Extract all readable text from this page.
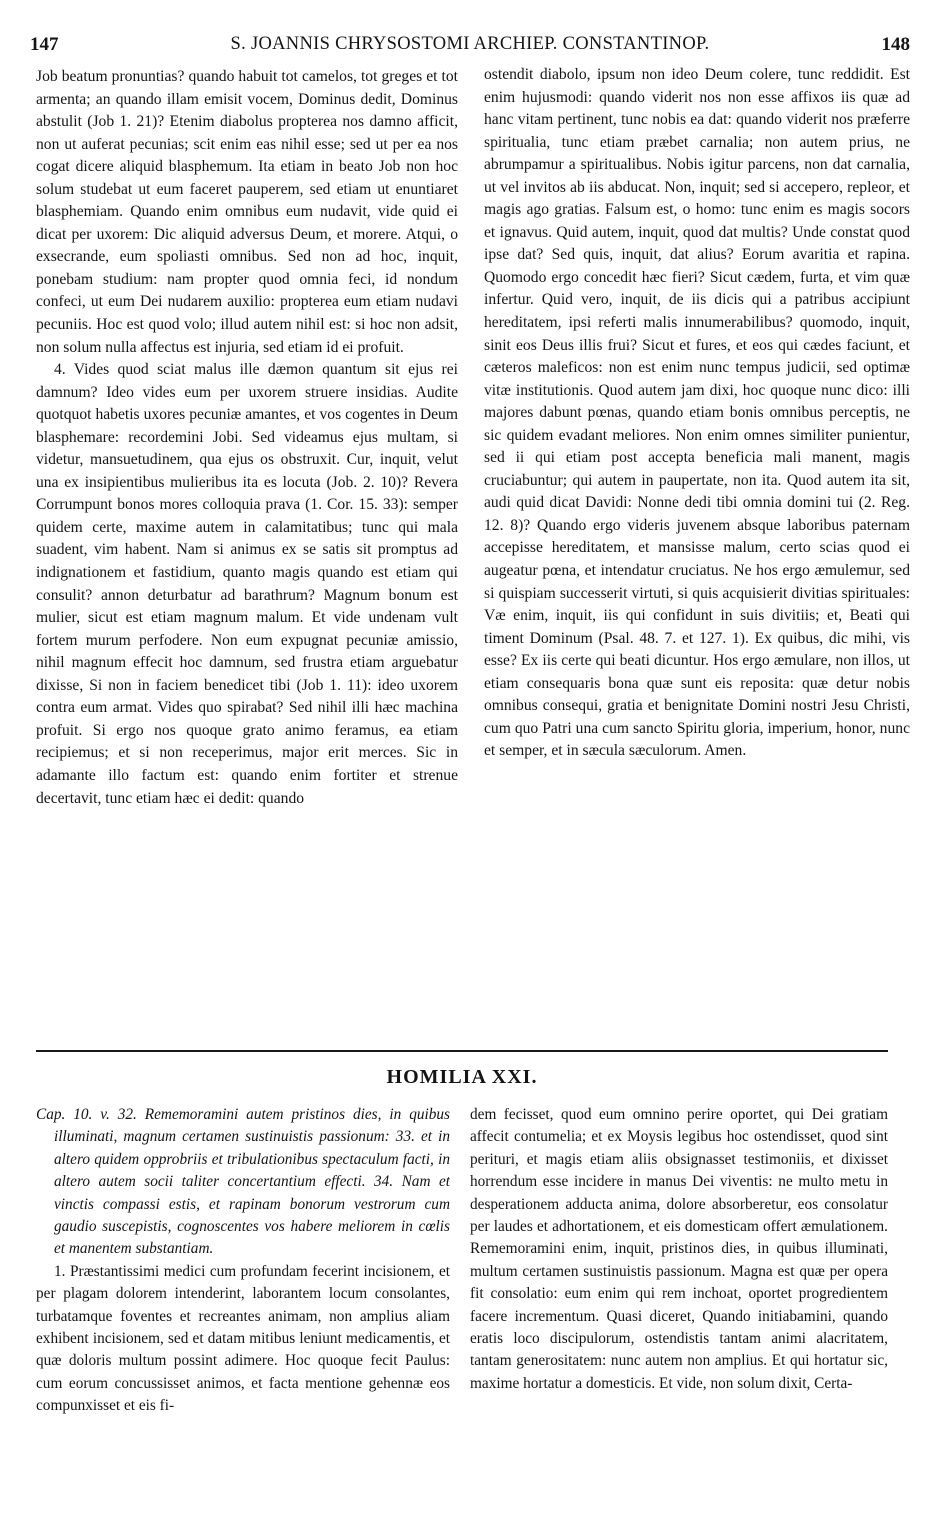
147	S. JOANNIS CHRYSOSTOMI ARCHIEP. CONSTANTINOP.	148

Job beatum pronuntias? quando habuit tot camelos, tot greges et tot armenta; an quando illam emisit vocem, Dominus dedit, Dominus abstulit (Job 1. 21)? Etenim diabolus propterea nos damno afficit, non ut auferat pecunias; scit enim eas nihil esse; sed ut per ea nos cogat dicere aliquid blasphemum. Ita etiam in beato Job non hoc solum studebat ut eum faceret pauperem, sed etiam ut enuntiaret blasphemiam. Quando enim omnibus eum nudavit, vide quid ei dicat per uxorem: Dic aliquid adversus Deum, et morere. Atqui, o exsecrande, eum spoliasti omnibus. Sed non ad hoc, inquit, ponebam studium: nam propter quod omnia feci, id nondum confeci, ut eum Dei nudarem auxilio: propterea eum etiam nudavi pecuniis. Hoc est quod volo; illud autem nihil est: si hoc non adsit, non solum nulla affectus est injuria, sed etiam id ei profuit.

4. Vides quod sciat malus ille dæmon quantum sit ejus rei damnum? Ideo vides eum per uxorem struere insidias. Audite quotquot habetis uxores pecuniæ amantes, et vos cogentes in Deum blasphemare: recordemini Jobi. Sed videamus ejus multam, si videtur, mansuetudinem, qua ejus os obstruxit. Cur, inquit, velut una ex insipientibus mulieribus ita es locuta (Job. 2. 10)? Revera Corrumpunt bonos mores colloquia prava (1. Cor. 15. 33): semper quidem certe, maxime autem in calamitatibus; tunc qui mala suadent, vim habent. Nam si animus ex se satis sit promptus ad indignationem et fastidium, quanto magis quando est etiam qui consulit? annon deturbatur ad barathrum? Magnum bonum est mulier, sicut est etiam magnum malum. Et vide undenam vult fortem murum perfodere. Non eum expugnat pecuniæ amissio, nihil magnum effecit hoc damnum, sed frustra etiam arguebatur dixisse, Si non in faciem benedicet tibi (Job 1. 11): ideo uxorem contra eum armat. Vides quo spirabat? Sed nihil illi hæc machina profuit. Si ergo nos quoque grato animo feramus, ea etiam recipiemus; et si non receperimus, major erit merces. Sic in adamante illo factum est: quando enim fortiter et strenue decertavit, tunc etiam hæc ei dedit: quando

ostendit diabolo, ipsum non ideo Deum colere, tunc reddidit. Est enim hujusmodi: quando viderit nos non esse affixos iis quæ ad hanc vitam pertinent, tunc nobis ea dat: quando viderit nos præferre spiritualia, tunc etiam præbet carnalia; non autem prius, ne abrumpamur a spiritualibus. Nobis igitur parcens, non dat carnalia, ut vel invitos ab iis abducat. Non, inquit; sed si accepero, repleor, et magis ago gratias. Falsum est, o homo: tunc enim es magis socors et ignavus. Quid autem, inquit, quod dat multis? Unde constat quod ipse dat? Sed quis, inquit, dat alius? Eorum avaritia et rapina. Quomodo ergo concedit hæc fieri? Sicut cædem, furta, et vim quæ infertur. Quid vero, inquit, de iis dicis qui a patribus accipiunt hereditatem, ipsi referti malis innumerabilibus? quomodo, inquit, sinit eos Deus illis frui? Sicut et fures, et eos qui cædes faciunt, et cæteros maleficos: non est enim nunc tempus judicii, sed optimæ vitæ institutionis. Quod autem jam dixi, hoc quoque nunc dico: illi majores dabunt pœnas, quando etiam bonis omnibus perceptis, ne sic quidem evadant meliores. Non enim omnes similiter punientur, sed ii qui etiam post accepta beneficia mali manent, magis cruciabuntur; qui autem in paupertate, non ita. Quod autem ita sit, audi quid dicat Davidi: Nonne dedi tibi omnia domini tui (2. Reg. 12. 8)? Quando ergo videris juvenem absque laboribus paternam accepisse hereditatem, et mansisse malum, certo scias quod ei augeatur pœna, et intendatur cruciatus. Ne hos ergo æmulemur, sed si quispiam successerit virtuti, si quis acquisierit divitias spirituales: Væ enim, inquit, iis qui confidunt in suis divitiis; et, Beati qui timent Dominum (Psal. 48. 7. et 127. 1). Ex quibus, dic mihi, vis esse? Ex iis certe qui beati dicuntur. Hos ergo æmulare, non illos, ut etiam consequaris bona quæ sunt eis reposita: quæ detur nobis omnibus consequi, gratia et benignitate Domini nostri Jesu Christi, cum quo Patri una cum sancto Spiritu gloria, imperium, honor, nunc et semper, et in sæcula sæculorum. Amen.

HOMILIA XXI.

Cap. 10. v. 32. Rememoramini autem pristinos dies, in quibus illuminati, magnum certamen sustinuistis passionum: 33. et in altero quidem opprobriis et tribulationibus spectaculum facti, in altero autem socii taliter concertantium effecti. 34. Nam et vinctis compassi estis, et rapinam bonorum vestrorum cum gaudio suscepistis, cognoscentes vos habere meliorem in cœlis et manentem substantiam.

1. Præstantissimi medici cum profundam fecerint incisionem, et per plagam dolorem intenderint, laborantem locum consolantes, turbatamque foventes et recreantes animam, non amplius aliam exhibent incisionem, sed et datam mitibus leniunt medicamentis, et quæ doloris multum possint adimere. Hoc quoque fecit Paulus: cum eorum concussisset animos, et facta mentione gehennæ eos compunxisset et eis fi-

dem fecisset, quod eum omnino perire oportet, qui Dei gratiam affecit contumelia; et ex Moysis legibus hoc ostendisset, quod sint perituri, et magis etiam aliis obsignasset testimoniis, et dixisset horrendum esse incidere in manus Dei viventis: ne multo metu in desperationem adducta anima, dolore absorberetur, eos consolatur per laudes et adhortationem, et eis domesticam offert æmulationem. Rememoramini enim, inquit, pristinos dies, in quibus illuminati, multum certamen sustinuistis passionum. Magna est quæ per opera fit consolatio: eum enim qui rem inchoat, oportet progredientem facere incrementum. Quasi diceret, Quando initiabamini, quando eratis loco discipulorum, ostendistis tantam animi alacritatem, tantam generositatem: nunc autem non amplius. Et qui hortatur sic, maxime hortatur a domesticis. Et vide, non solum dixit, Certa-
